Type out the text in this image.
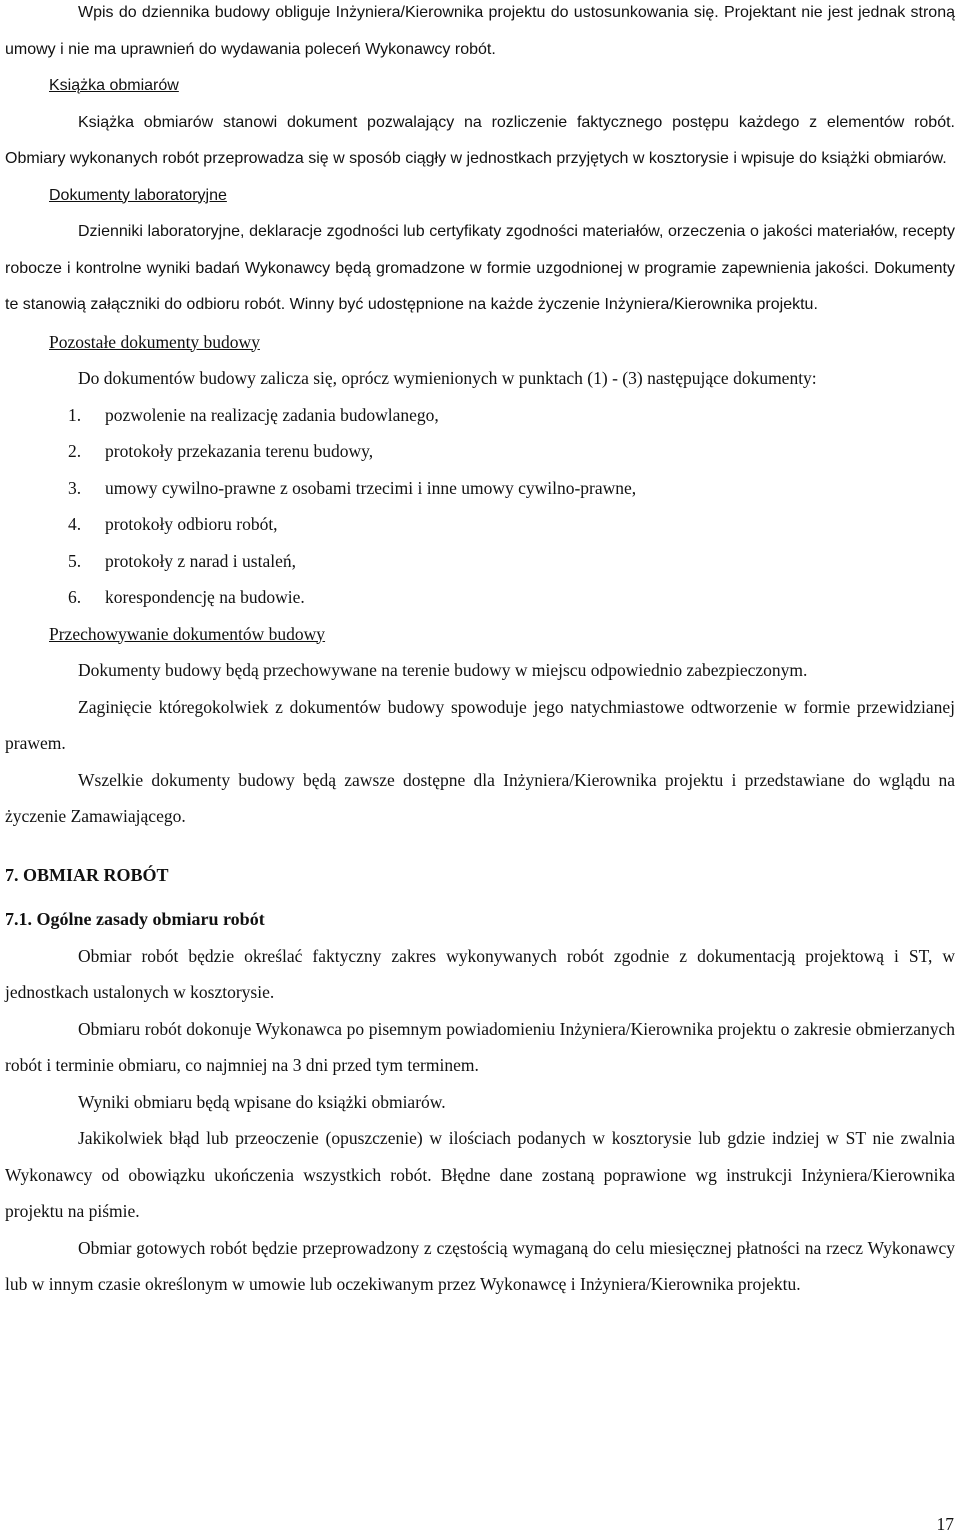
Wpis do dziennika budowy obliguje Inżyniera/Kierownika projektu do ustosunkowania się. Projektant nie jest jednak stroną umowy i nie ma uprawnień do wydawania poleceń Wykonawcy robót.

Książka obmiarów

Książka obmiarów stanowi dokument pozwalający na rozliczenie faktycznego postępu każdego z elementów robót. Obmiary wykonanych robót przeprowadza się w sposób ciągły w jednostkach przyjętych w kosztorysie i wpisuje do książki obmiarów.

Dokumenty laboratoryjne

Dzienniki laboratoryjne, deklaracje zgodności lub certyfikaty zgodności materiałów, orzeczenia o jakości materiałów, recepty robocze i kontrolne wyniki badań Wykonawcy będą gromadzone w formie uzgodnionej w programie zapewnienia jakości. Dokumenty te stanowią załączniki do odbioru robót. Winny być udostępnione na każde życzenie Inżyniera/Kierownika projektu.

Pozostałe dokumenty budowy

Do dokumentów budowy zalicza się, oprócz wymienionych w punktach (1) - (3) następujące dokumenty:

1. pozwolenie na realizację zadania budowlanego,
2. protokoły przekazania terenu budowy,
3. umowy cywilno-prawne z osobami trzecimi i inne umowy cywilno-prawne,
4. protokoły odbioru robót,
5. protokoły z narad i ustaleń,
6. korespondencję na budowie.

Przechowywanie dokumentów budowy

Dokumenty budowy będą przechowywane na terenie budowy w miejscu odpowiednio zabezpieczonym.

Zaginięcie któregokolwiek z dokumentów budowy spowoduje jego natychmiastowe odtworzenie w formie przewidzianej prawem.

Wszelkie dokumenty budowy będą zawsze dostępne dla Inżyniera/Kierownika projektu i przedstawiane do wglądu na życzenie Zamawiającego.

7. OBMIAR ROBÓT
7.1. Ogólne zasady obmiaru robót

Obmiar robót będzie określać faktyczny zakres wykonywanych robót zgodnie z dokumentacją projektową i ST, w jednostkach ustalonych w kosztorysie.

Obmiaru robót dokonuje Wykonawca po pisemnym powiadomieniu Inżyniera/Kierownika projektu o zakresie obmierzanych robót i terminie obmiaru, co najmniej na 3 dni przed tym terminem.

Wyniki obmiaru będą wpisane do książki obmiarów.

Jakikolwiek błąd lub przeoczenie (opuszczenie) w ilościach podanych w kosztorysie lub gdzie indziej w ST nie zwalnia Wykonawcy od obowiązku ukończenia wszystkich robót. Błędne dane zostaną poprawione wg instrukcji Inżyniera/Kierownika projektu na piśmie.

Obmiar gotowych robót będzie przeprowadzony z częstością wymaganą do celu miesięcznej płatności na rzecz Wykonawcy lub w innym czasie określonym w umowie lub oczekiwanym przez Wykonawcę i Inżyniera/Kierownika projektu.

17
